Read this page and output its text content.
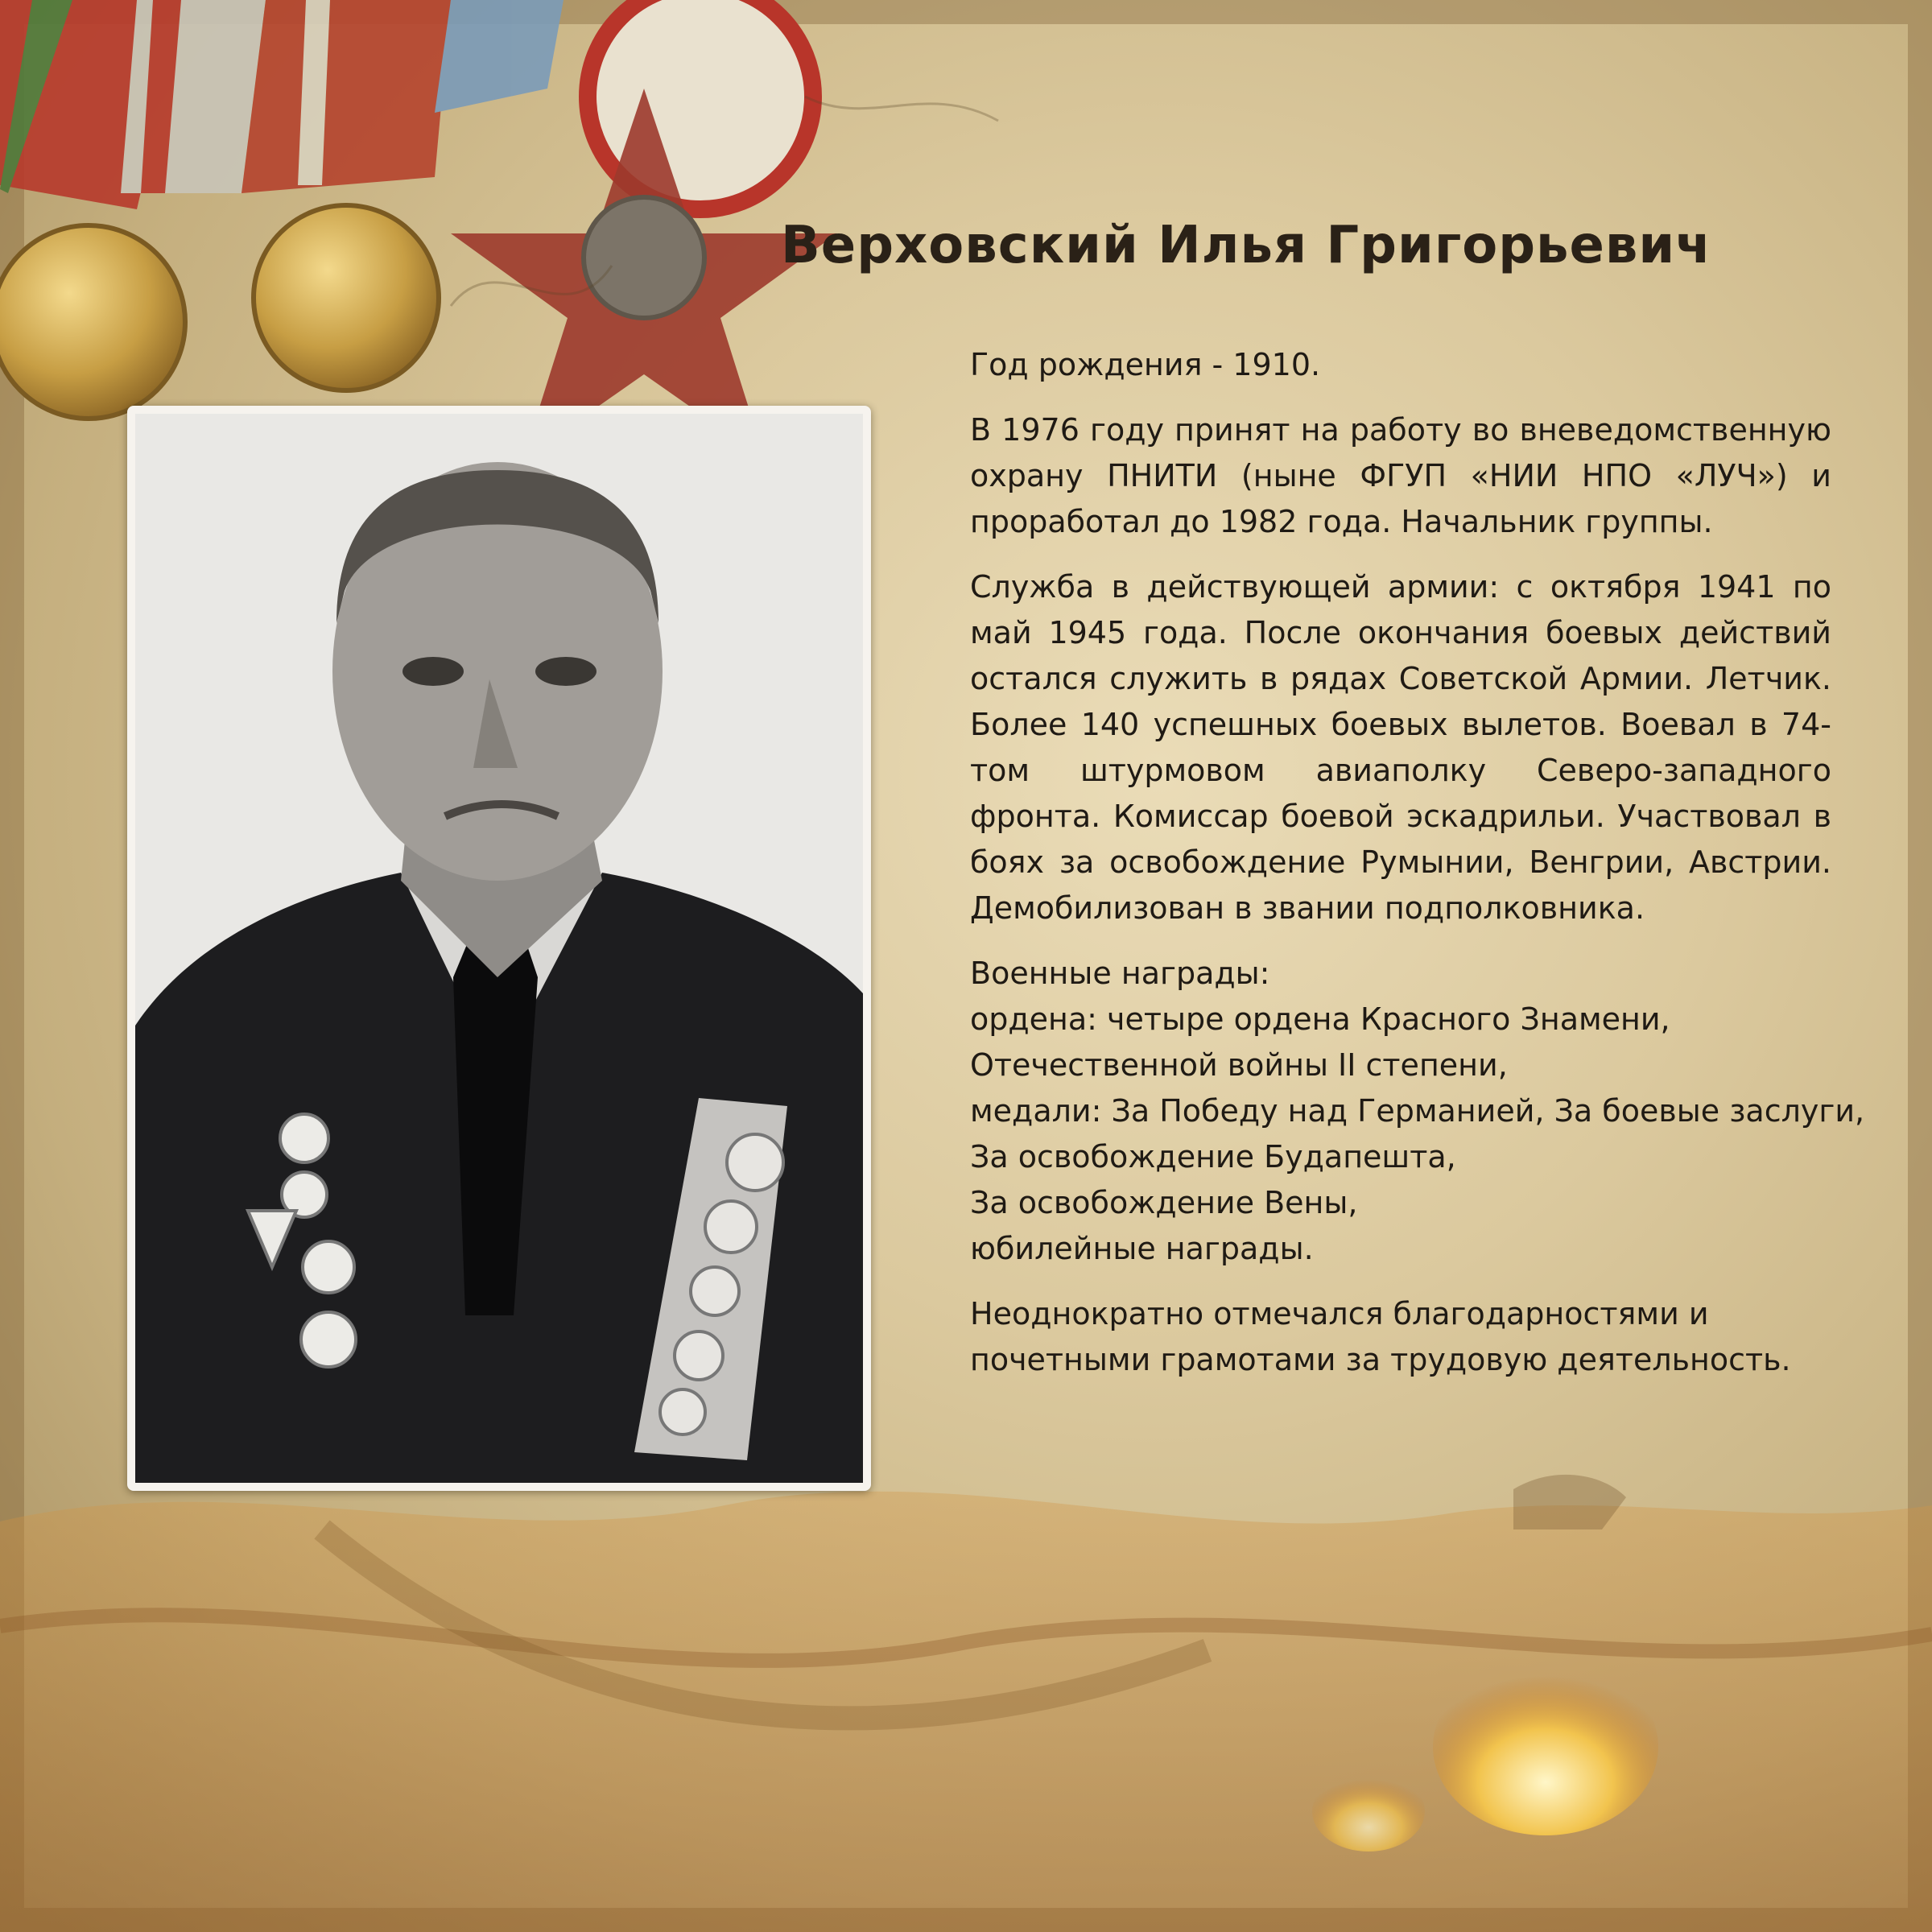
Верховский Илья Григорьевич

Год рождения - 1910.

В 1976 году принят на работу во вневедомственную охрану ПНИТИ (ныне ФГУП «НИИ НПО «ЛУЧ») и проработал до 1982 года. Начальник группы.

Служба в действующей армии: с октября 1941 по май 1945 года. После окончания боевых действий остался служить в рядах Советской Армии. Летчик. Более 140 успешных боевых вылетов. Воевал в 74-том штурмовом авиаполку Северо-западного фронта. Комиссар боевой эскадрильи. Участвовал в боях за освобождение Румынии, Венгрии, Австрии. Демобилизован в звании подполковника.

Военные награды:
ордена: четыре ордена Красного Знамени,
Отечественной войны II степени,
медали: За Победу над Германией, За боевые заслуги,
За освобождение Будапешта,
За освобождение Вены,
юбилейные награды.

Неоднократно отмечался благодарностями и почетными грамотами за трудовую деятельность.
